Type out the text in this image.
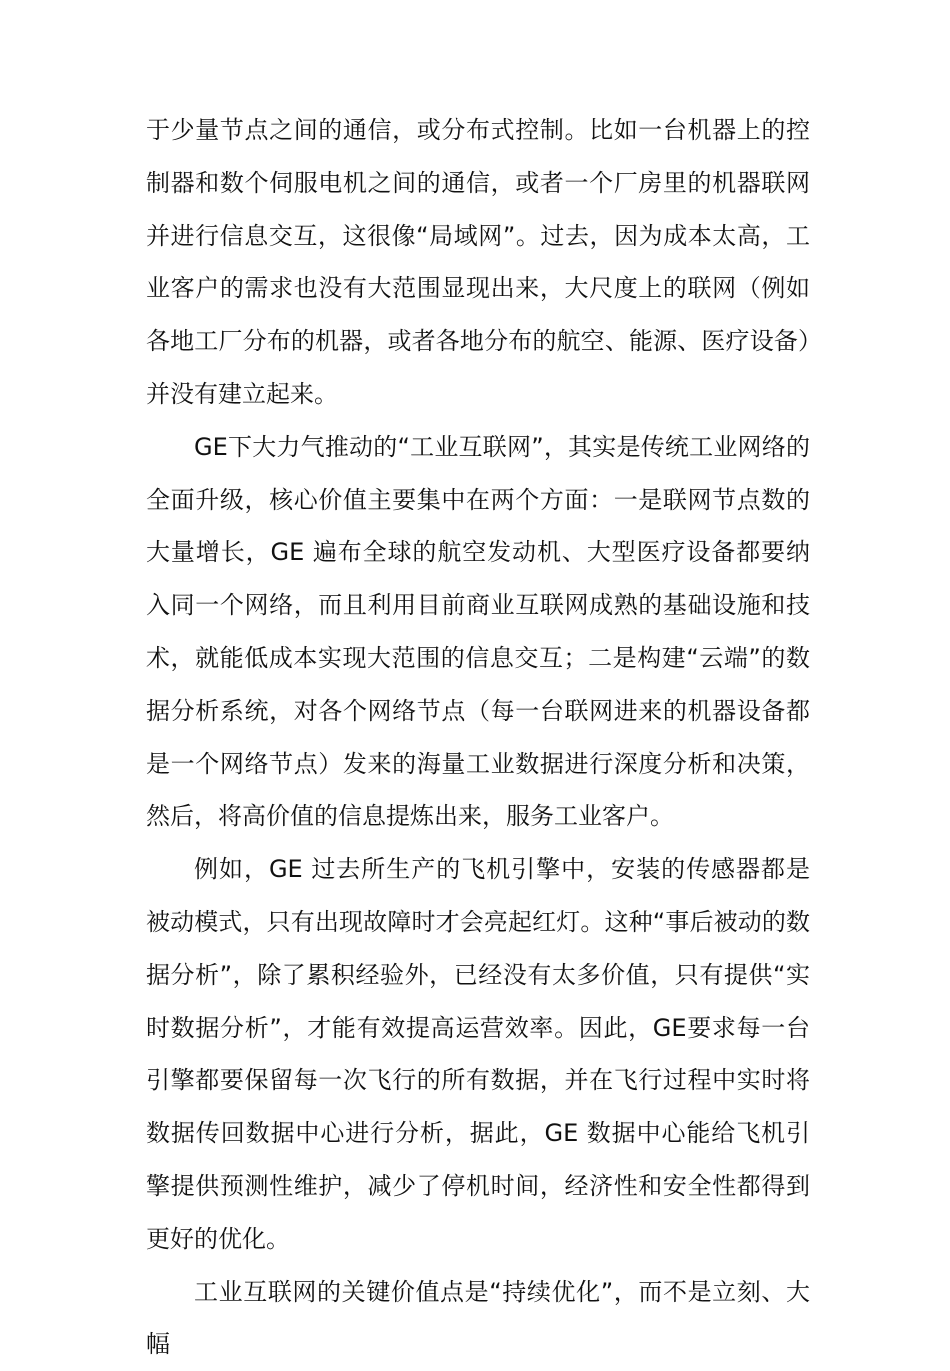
于少量节点之间的通信，或分布式控制。比如一台机器上的控制器和数个伺服电机之间的通信，或者一个厂房里的机器联网并进行信息交互，这很像“局域网”。过去，因为成本太高，工业客户的需求也没有大范围显现出来，大尺度上的联网（例如各地工厂分布的机器，或者各地分布的航空、能源、医疗设备）并没有建立起来。

GE下大力气推动的“工业互联网”，其实是传统工业网络的全面升级，核心价值主要集中在两个方面：一是联网节点数的大量增长，GE 遍布全球的航空发动机、大型医疗设备都要纳入同一个网络，而且利用目前商业互联网成熟的基础设施和技术，就能低成本实现大范围的信息交互；二是构建“云端”的数据分析系统，对各个网络节点（每一台联网进来的机器设备都是一个网络节点）发来的海量工业数据进行深度分析和决策，然后，将高价值的信息提炼出来，服务工业客户。

例如，GE 过去所生产的飞机引擎中，安装的传感器都是被动模式，只有出现故障时才会亮起红灯。这种“事后被动的数据分析”，除了累积经验外，已经没有太多价值，只有提供“实时数据分析”，才能有效提高运营效率。因此，GE要求每一台引擎都要保留每一次飞行的所有数据，并在飞行过程中实时将数据传回数据中心进行分析，据此，GE 数据中心能给飞机引擎提供预测性维护，减少了停机时间，经济性和安全性都得到更好的优化。

工业互联网的关键价值点是“持续优化”，而不是立刻、大幅
